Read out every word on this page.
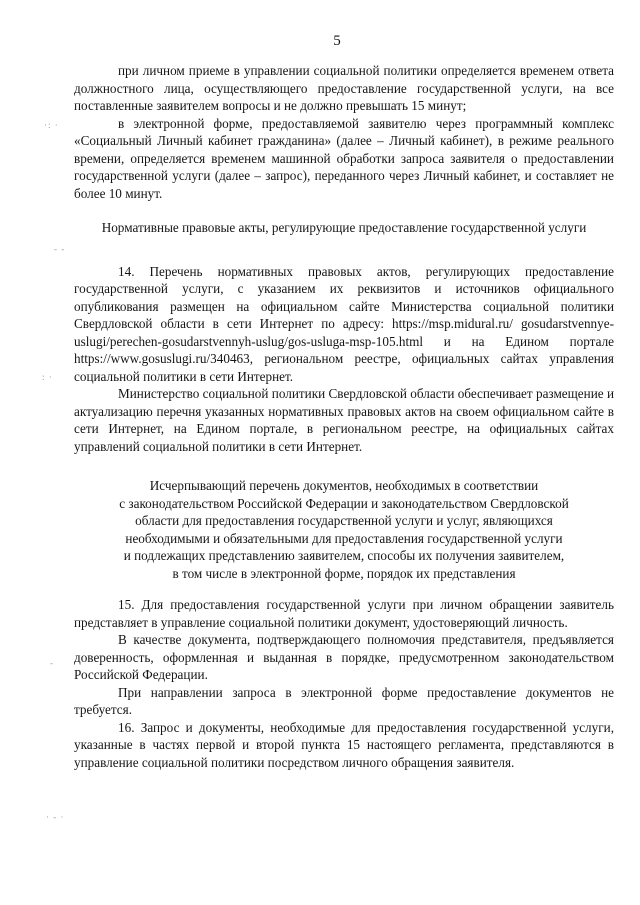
·: ·
- -
: ·
-
· - ·
5

при личном приеме в управлении социальной политики определяется временем ответа должностного лица, осуществляющего предоставление государственной услуги, на все поставленные заявителем вопросы и не должно превышать 15 минут;

в электронной форме, предоставляемой заявителю через программный комплекс «Социальный Личный кабинет гражданина» (далее – Личный кабинет), в режиме реального времени, определяется временем машинной обработки запроса заявителя о предоставлении государственной услуги (далее – запрос), переданного через Личный кабинет, и составляет не более 10 минут.

Нормативные правовые акты, регулирующие предоставление государственной услуги

14. Перечень нормативных правовых актов, регулирующих предоставление государственной услуги, с указанием их реквизитов и источников официального опубликования размещен на официальном сайте Министерства социальной политики Свердловской области в сети Интернет по адресу: https://msp.midural.ru/ gosudarstvennye-uslugi/perechen-gosudarstvennyh-uslug/gos-usluga-msp-105.html и на Едином портале https://www.gosuslugi.ru/340463, региональном реестре, официальных сайтах управления социальной политики в сети Интернет.

Министерство социальной политики Свердловской области обеспечивает размещение и актуализацию перечня указанных нормативных правовых актов на своем официальном сайте в сети Интернет, на Едином портале, в региональном реестре, на официальных сайтах управлений социальной политики в сети Интернет.

Исчерпывающий перечень документов, необходимых в соответствии

с законодательством Российской Федерации и законодательством Свердловской

области для предоставления государственной услуги и услуг, являющихся

необходимыми и обязательными для предоставления государственной услуги

и подлежащих представлению заявителем, способы их получения заявителем,

в том числе в электронной форме, порядок их представления

15. Для предоставления государственной услуги при личном обращении заявитель представляет в управление социальной политики документ, удостоверяющий личность.

В качестве документа, подтверждающего полномочия представителя, предъявляется доверенность, оформленная и выданная в порядке, предусмотренном законодательством Российской Федерации.

При направлении запроса в электронной форме предоставление документов не требуется.

16. Запрос и документы, необходимые для предоставления государственной услуги, указанные в частях первой и второй пункта 15 настоящего регламента, представляются в управление социальной политики посредством личного обращения заявителя.
